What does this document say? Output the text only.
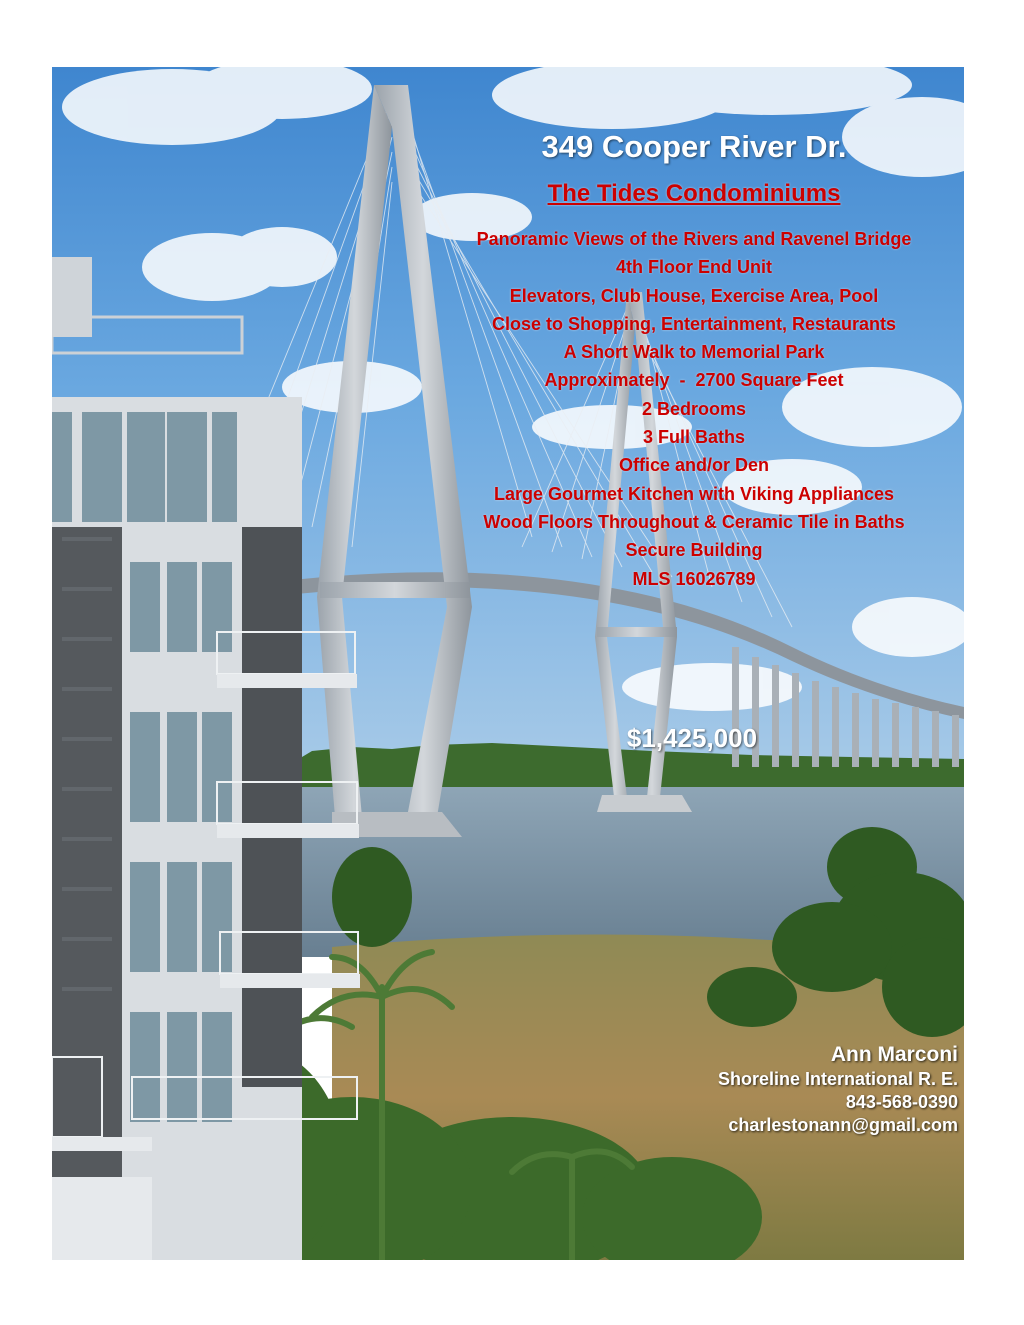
349 Cooper River Dr.
The Tides Condominiums
Panoramic Views of the Rivers and Ravenel Bridge
4th Floor End Unit
Elevators, Club House, Exercise Area, Pool
Close to Shopping, Entertainment, Restaurants
A Short Walk to Memorial Park
Approximately  -  2700 Square Feet
2 Bedrooms
3 Full Baths
Office and/or Den
Large Gourmet Kitchen with Viking Appliances
Wood Floors Throughout & Ceramic Tile in Baths
Secure Building
MLS 16026789
$1,425,000
Ann Marconi
Shoreline International R. E.
843-568-0390
charlestonann@gmail.com
